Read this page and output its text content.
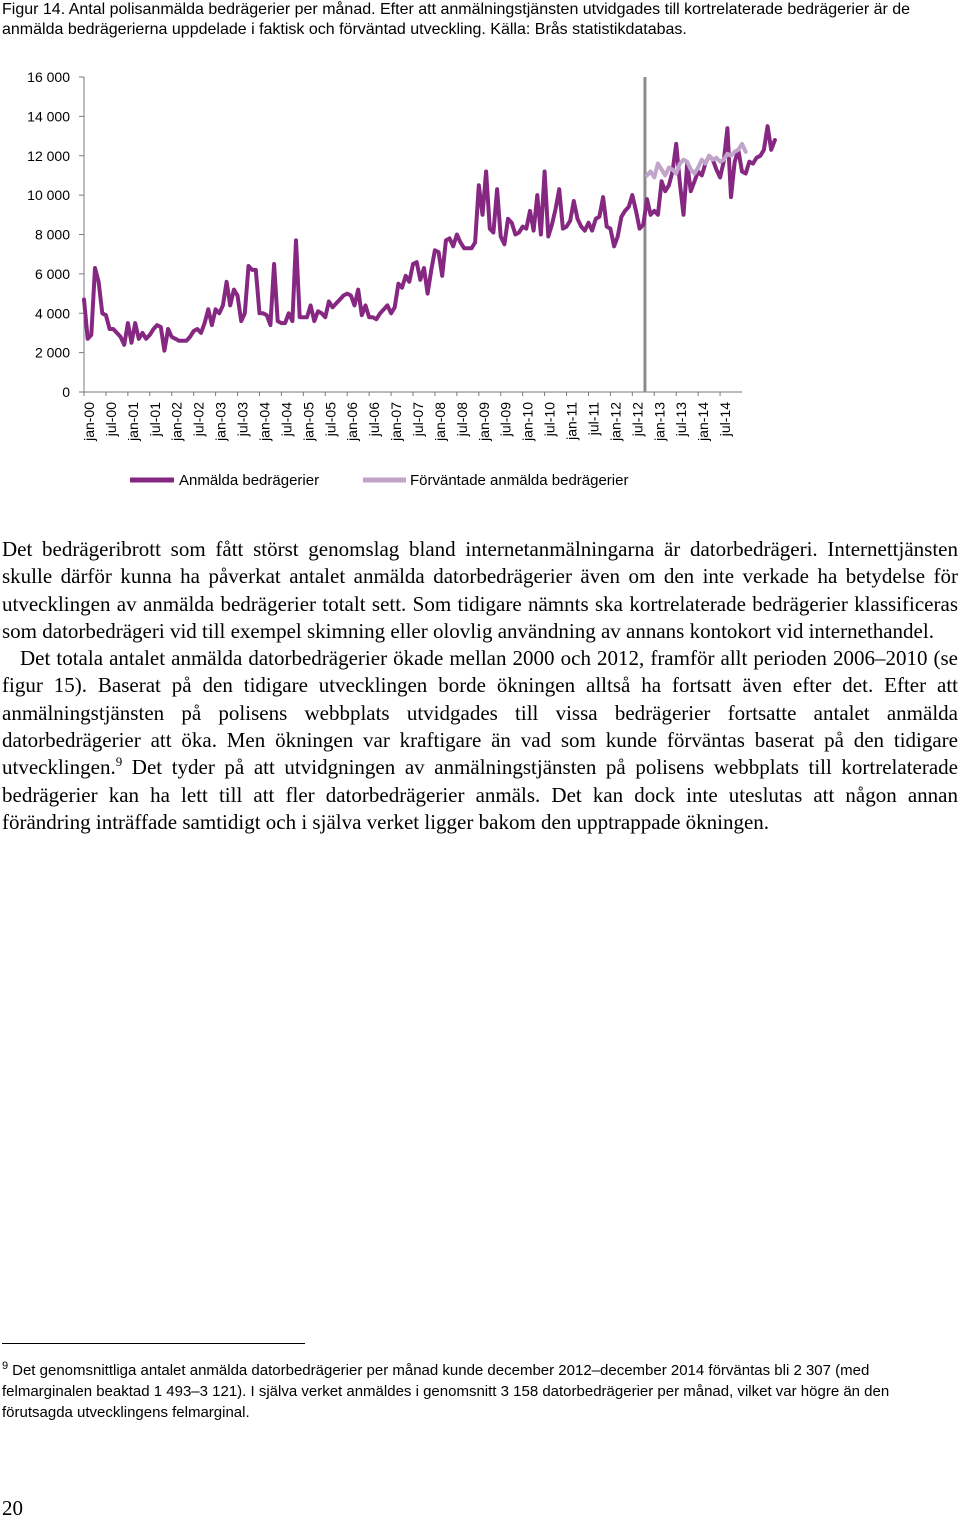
Figur 14. Antal polisanmälda bedrägerier per månad. Efter att anmälningstjänsten utvidgades till kortrelaterade bedrägerier är de anmälda bedrägerierna uppdelade i faktisk och förväntad utveckling. Källa: Brås statistikdatabas.
16 000
14 000
12 000
10 000
8 000
6 000
4 000
2 000
0
jan-00 jul-00 jan-01 jul-01 jan-02 jul-02 jan-03 jul-03 jan-04 jul-04 jan-05 jul-05 jan-06 jul-06 jan-07 jul-07 jan-08 jul-08 jan-09 jul-09 jan-10 jul-10 jan-11 jul-11 jan-12 jul-12 jan-13 jul-13 jan-14 jul-14
Anmälda bedrägerier	Förväntade anmälda bedrägerier

Det bedrägeribrott som fått störst genomslag bland internetanmälningarna är datorbedrägeri. Internettjänsten skulle därför kunna ha påverkat antalet anmälda datorbedrägerier även om den inte verkade ha betydelse för utvecklingen av anmälda bedrägerier totalt sett. Som tidigare nämnts ska kortrelaterade bedrägerier klassificeras som datorbedrägeri vid till exempel skimning eller olovlig användning av annans kontokort vid internethandel.

Det totala antalet anmälda datorbedrägerier ökade mellan 2000 och 2012, framför allt perioden 2006–2010 (se figur 15). Baserat på den tidigare utvecklingen borde ökningen alltså ha fortsatt även efter det. Efter att anmälningstjänsten på polisens webbplats utvidgades till vissa bedrägerier fortsatte antalet anmälda datorbedrägerier att öka. Men ökningen var kraftigare än vad som kunde förväntas baserat på den tidigare utvecklingen.$^9$ Det tyder på att utvidgningen av anmälningstjänsten på polisens webbplats till kortrelaterade bedrägerier kan ha lett till att fler datorbedrägerier anmäls. Det kan dock inte uteslutas att någon annan förändring inträffade samtidigt och i själva verket ligger bakom den upptrappade ökningen.

$^9$ Det genomsnittliga antalet anmälda datorbedrägerier per månad kunde december 2012–december 2014 förväntas bli 2 307 (med felmarginalen beaktad 1 493–3 121). I själva verket anmäldes i genomsnitt 3 158 datorbedrägerier per månad, vilket var högre än den förutsagda utvecklingens felmarginal.
20
